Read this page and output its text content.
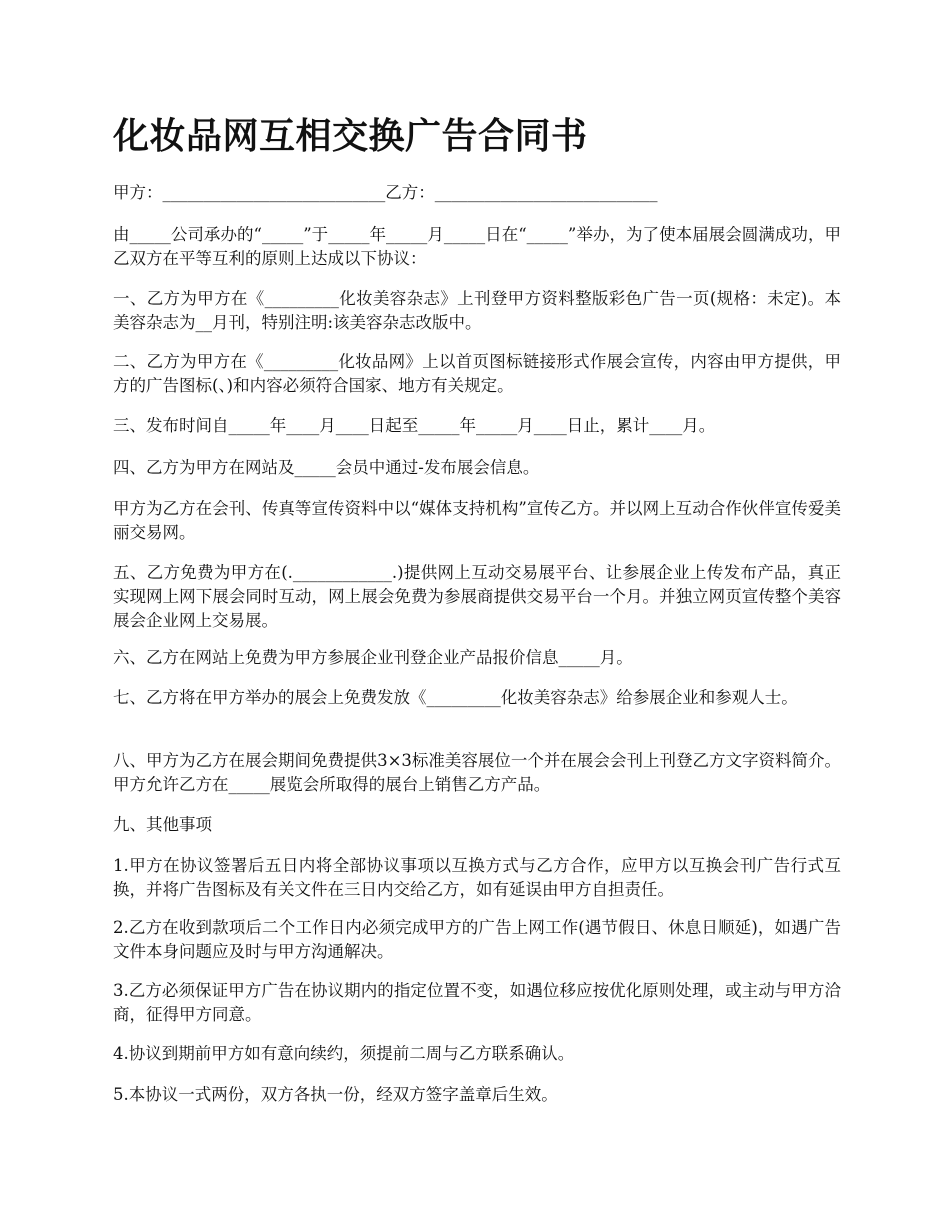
化妆品网互相交换广告合同书

甲方：___________________________乙方：___________________________

由_____公司承办的“_____”于_____年_____月_____日在“_____”举办，为了使本届展会圆满成功，甲乙双方在平等互利的原则上达成以下协议：

一、乙方为甲方在《_________化妆美容杂志》上刊登甲方资料整版彩色广告一页(规格：未定)。本美容杂志为__月刊，特别注明:该美容杂志改版中。

二、乙方为甲方在《_________化妆品网》上以首页图标链接形式作展会宣传，内容由甲方提供，甲方的广告图标(、)和内容必须符合国家、地方有关规定。

三、发布时间自_____年____月____日起至_____年_____月____日止，累计____月。

四、乙方为甲方在网站及_____会员中通过-发布展会信息。

甲方为乙方在会刊、传真等宣传资料中以“媒体支持机构”宣传乙方。并以网上互动合作伙伴宣传爱美丽交易网。

五、乙方免费为甲方在(.____________.)提供网上互动交易展平台、让参展企业上传发布产品，真正实现网上网下展会同时互动，网上展会免费为参展商提供交易平台一个月。并独立网页宣传整个美容展会企业网上交易展。

六、乙方在网站上免费为甲方参展企业刊登企业产品报价信息_____月。

七、乙方将在甲方举办的展会上免费发放《_________化妆美容杂志》给参展企业和参观人士。

八、甲方为乙方在展会期间免费提供3×3标准美容展位一个并在展会会刊上刊登乙方文字资料简介。甲方允许乙方在_____展览会所取得的展台上销售乙方产品。

九、其他事项

1.甲方在协议签署后五日内将全部协议事项以互换方式与乙方合作，应甲方以互换会刊广告行式互换，并将广告图标及有关文件在三日内交给乙方，如有延误由甲方自担责任。

2.乙方在收到款项后二个工作日内必须完成甲方的广告上网工作(遇节假日、休息日顺延)，如遇广告文件本身问题应及时与甲方沟通解决。

3.乙方必须保证甲方广告在协议期内的指定位置不变，如遇位移应按优化原则处理，或主动与甲方洽商，征得甲方同意。

4.协议到期前甲方如有意向续约，须提前二周与乙方联系确认。

5.本协议一式两份，双方各执一份，经双方签字盖章后生效。
